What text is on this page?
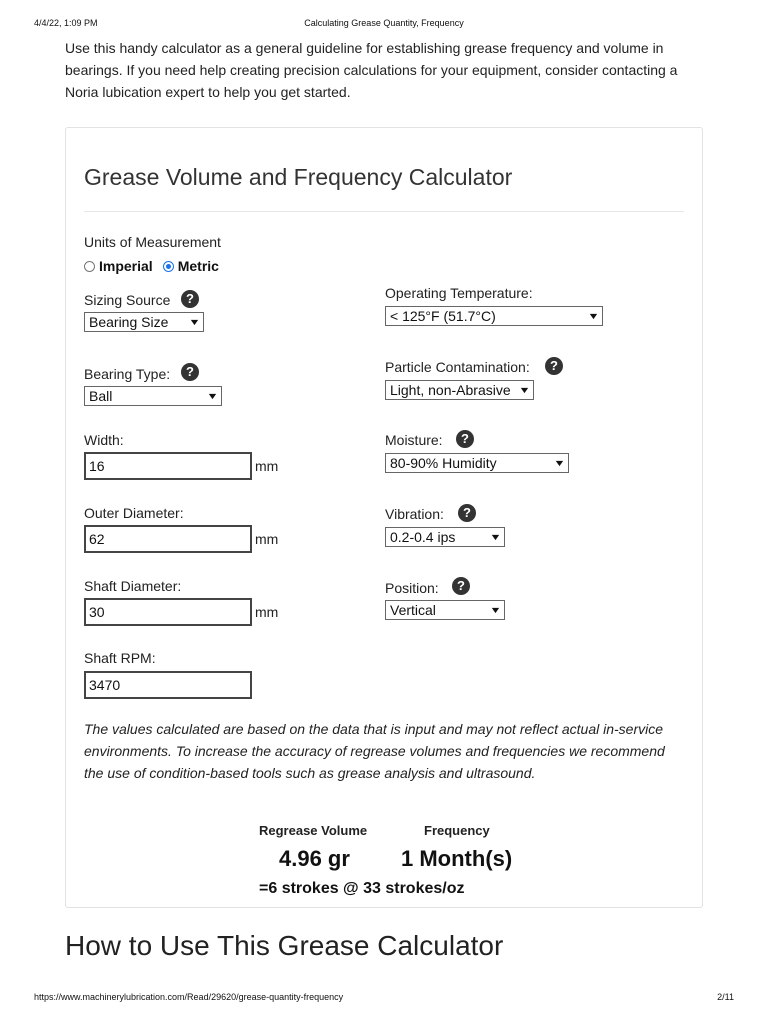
4/4/22, 1:09 PM	Calculating Grease Quantity, Frequency

Use this handy calculator as a general guideline for establishing grease frequency and volume in bearings. If you need help creating precision calculations for your equipment, consider contacting a Noria lubication expert to help you get started.

Grease Volume and Frequency Calculator
Units of Measurement
Imperial Metric
Sizing Source	?
Bearing Size ▼
Bearing Type:	?
Ball	▼
Width:
16	mm
Outer Diameter:
62	mm
Shaft Diameter:
30	mm
Shaft RPM:
3470
Operating Temperature:
< 125°F (51.7°C)	▼
Particle Contamination:	?
Light, non-Abrasive ▼
Moisture:	?
80-90% Humidity	▼
Vibration:	?
0.2-0.4 ips	▼
Position:	?
Vertical	▼

The values calculated are based on the data that is input and may not reflect actual in-service environments. To increase the accuracy of regrease volumes and frequencies we recommend the use of condition-based tools such as grease analysis and ultrasound.

Regrease Volume	Frequency
4.96 gr 1 Month(s)
=6 strokes @ 33 strokes/oz
How to Use This Grease Calculator
https://www.machinerylubrication.com/Read/29620/grease-quantity-frequency	2/11
